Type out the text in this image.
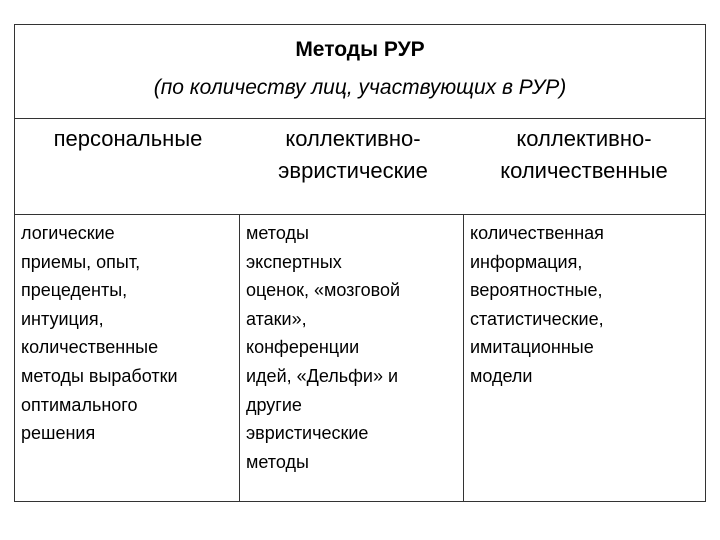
Методы РУР
(по количеству лиц, участвующих в РУР)
персональные	коллективно-
эвристические
коллективно-
количественные
логические
приемы, опыт,
прецеденты,
интуиция,
количественные
методы выработки
оптимального
решения
методы
экспертных
оценок, «мозговой
атаки»,
конференции
идей, «Дельфи» и
другие
эвристические
методы
количественная
информация,
вероятностные,
статистические,
имитационные
модели
